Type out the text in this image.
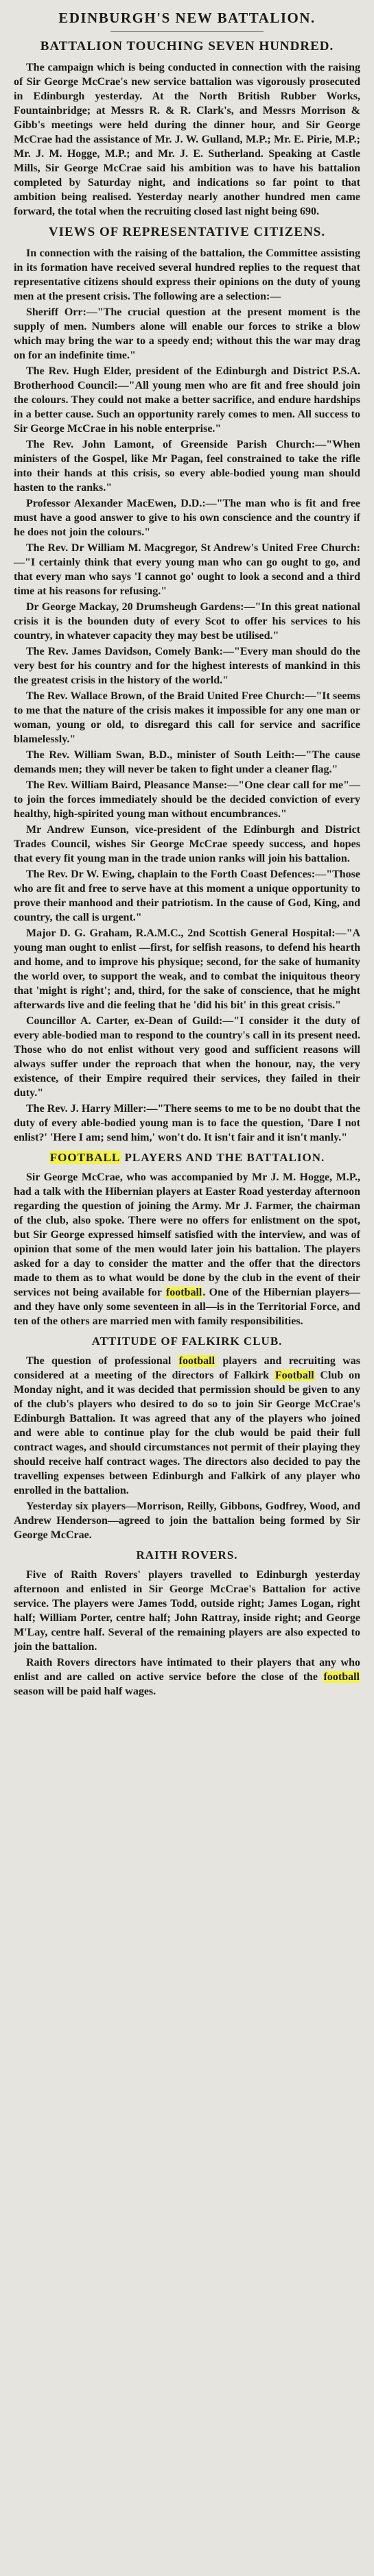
EDINBURGH'S NEW BATTALION.
BATTALION TOUCHING SEVEN HUNDRED.

The campaign which is being conducted in connection with the raising of Sir George McCrae's new service battalion was vigorously prosecuted in Edinburgh yesterday. At the North British Rubber Works, Fountainbridge; at Messrs R. & R. Clark's, and Messrs Morrison & Gibb's meetings were held during the dinner hour, and Sir George McCrae had the assistance of Mr. J. W. Gulland, M.P.; Mr. E. Pirie, M.P.; Mr. J. M. Hogge, M.P.; and Mr. J. E. Sutherland. Speaking at Castle Mills, Sir George McCrae said his ambition was to have his battalion completed by Saturday night, and indications so far point to that ambition being realised. Yesterday nearly another hundred men came forward, the total when the recruiting closed last night being 690.

VIEWS OF REPRESENTATIVE CITIZENS.

In connection with the raising of the battalion, the Committee assisting in its formation have received several hundred replies to the request that representative citizens should express their opinions on the duty of young men at the present crisis. The following are a selection:—

Sheriff Orr:—"The crucial question at the present moment is the supply of men. Numbers alone will enable our forces to strike a blow which may bring the war to a speedy end; without this the war may drag on for an indefinite time."

The Rev. Hugh Elder, president of the Edinburgh and District P.S.A. Brotherhood Council:—"All young men who are fit and free should join the colours. They could not make a better sacrifice, and endure hardships in a better cause. Such an opportunity rarely comes to men. All success to Sir George McCrae in his noble enterprise."

The Rev. John Lamont, of Greenside Parish Church:—"When ministers of the Gospel, like Mr Pagan, feel constrained to take the rifle into their hands at this crisis, so every able-bodied young man should hasten to the ranks."

Professor Alexander MacEwen, D.D.:—"The man who is fit and free must have a good answer to give to his own conscience and the country if he does not join the colours."

The Rev. Dr William M. Macgregor, St Andrew's United Free Church:—"I certainly think that every young man who can go ought to go, and that every man who says 'I cannot go' ought to look a second and a third time at his reasons for refusing."

Dr George Mackay, 20 Drumsheugh Gardens:—"In this great national crisis it is the bounden duty of every Scot to offer his services to his country, in whatever capacity they may best be utilised."

The Rev. James Davidson, Comely Bank:—"Every man should do the very best for his country and for the highest interests of mankind in this the greatest crisis in the history of the world."

The Rev. Wallace Brown, of the Braid United Free Church:—"It seems to me that the nature of the crisis makes it impossible for any one man or woman, young or old, to disregard this call for service and sacrifice blamelessly."

The Rev. William Swan, B.D., minister of South Leith:—"The cause demands men; they will never be taken to fight under a cleaner flag."

The Rev. William Baird, Pleasance Manse:—"One clear call for me"—to join the forces immediately should be the decided conviction of every healthy, high-spirited young man without encumbrances."

Mr Andrew Eunson, vice-president of the Edinburgh and District Trades Council, wishes Sir George McCrae speedy success, and hopes that every fit young man in the trade union ranks will join his battalion.

The Rev. Dr W. Ewing, chaplain to the Forth Coast Defences:—"Those who are fit and free to serve have at this moment a unique opportunity to prove their manhood and their patriotism. In the cause of God, King, and country, the call is urgent."

Major D. G. Graham, R.A.M.C., 2nd Scottish General Hospital:—"A young man ought to enlist —first, for selfish reasons, to defend his hearth and home, and to improve his physique; second, for the sake of humanity the world over, to support the weak, and to combat the iniquitous theory that 'might is right'; and, third, for the sake of conscience, that he might afterwards live and die feeling that he 'did his bit' in this great crisis."

Councillor A. Carter, ex-Dean of Guild:—"I consider it the duty of every able-bodied man to respond to the country's call in its present need. Those who do not enlist without very good and sufficient reasons will always suffer under the reproach that when the honour, nay, the very existence, of their Empire required their services, they failed in their duty."

The Rev. J. Harry Miller:—"There seems to me to be no doubt that the duty of every able-bodied young man is to face the question, 'Dare I not enlist?' 'Here I am; send him,' won't do. It isn't fair and it isn't manly."

FOOTBALL PLAYERS AND THE BATTALION.

Sir George McCrae, who was accompanied by Mr J. M. Hogge, M.P., had a talk with the Hibernian players at Easter Road yesterday afternoon regarding the question of joining the Army. Mr J. Farmer, the chairman of the club, also spoke. There were no offers for enlistment on the spot, but Sir George expressed himself satisfied with the interview, and was of opinion that some of the men would later join his battalion. The players asked for a day to consider the matter and the offer that the directors made to them as to what would be done by the club in the event of their services not being available for football. One of the Hibernian players—and they have only some seventeen in all—is in the Territorial Force, and ten of the others are married men with family responsibilities.

ATTITUDE OF FALKIRK CLUB.

The question of professional football players and recruiting was considered at a meeting of the directors of Falkirk Football Club on Monday night, and it was decided that permission should be given to any of the club's players who desired to do so to join Sir George McCrae's Edinburgh Battalion. It was agreed that any of the players who joined and were able to continue play for the club would be paid their full contract wages, and should circumstances not permit of their playing they should receive half contract wages. The directors also decided to pay the travelling expenses between Edinburgh and Falkirk of any player who enrolled in the battalion.

Yesterday six players—Morrison, Reilly, Gibbons, Godfrey, Wood, and Andrew Henderson—agreed to join the battalion being formed by Sir George McCrae.

RAITH ROVERS.

Five of Raith Rovers' players travelled to Edinburgh yesterday afternoon and enlisted in Sir George McCrae's Battalion for active service. The players were James Todd, outside right; James Logan, right half; William Porter, centre half; John Rattray, inside right; and George M'Lay, centre half. Several of the remaining players are also expected to join the battalion.

Raith Rovers directors have intimated to their players that any who enlist and are called on active service before the close of the football season will be paid half wages.
